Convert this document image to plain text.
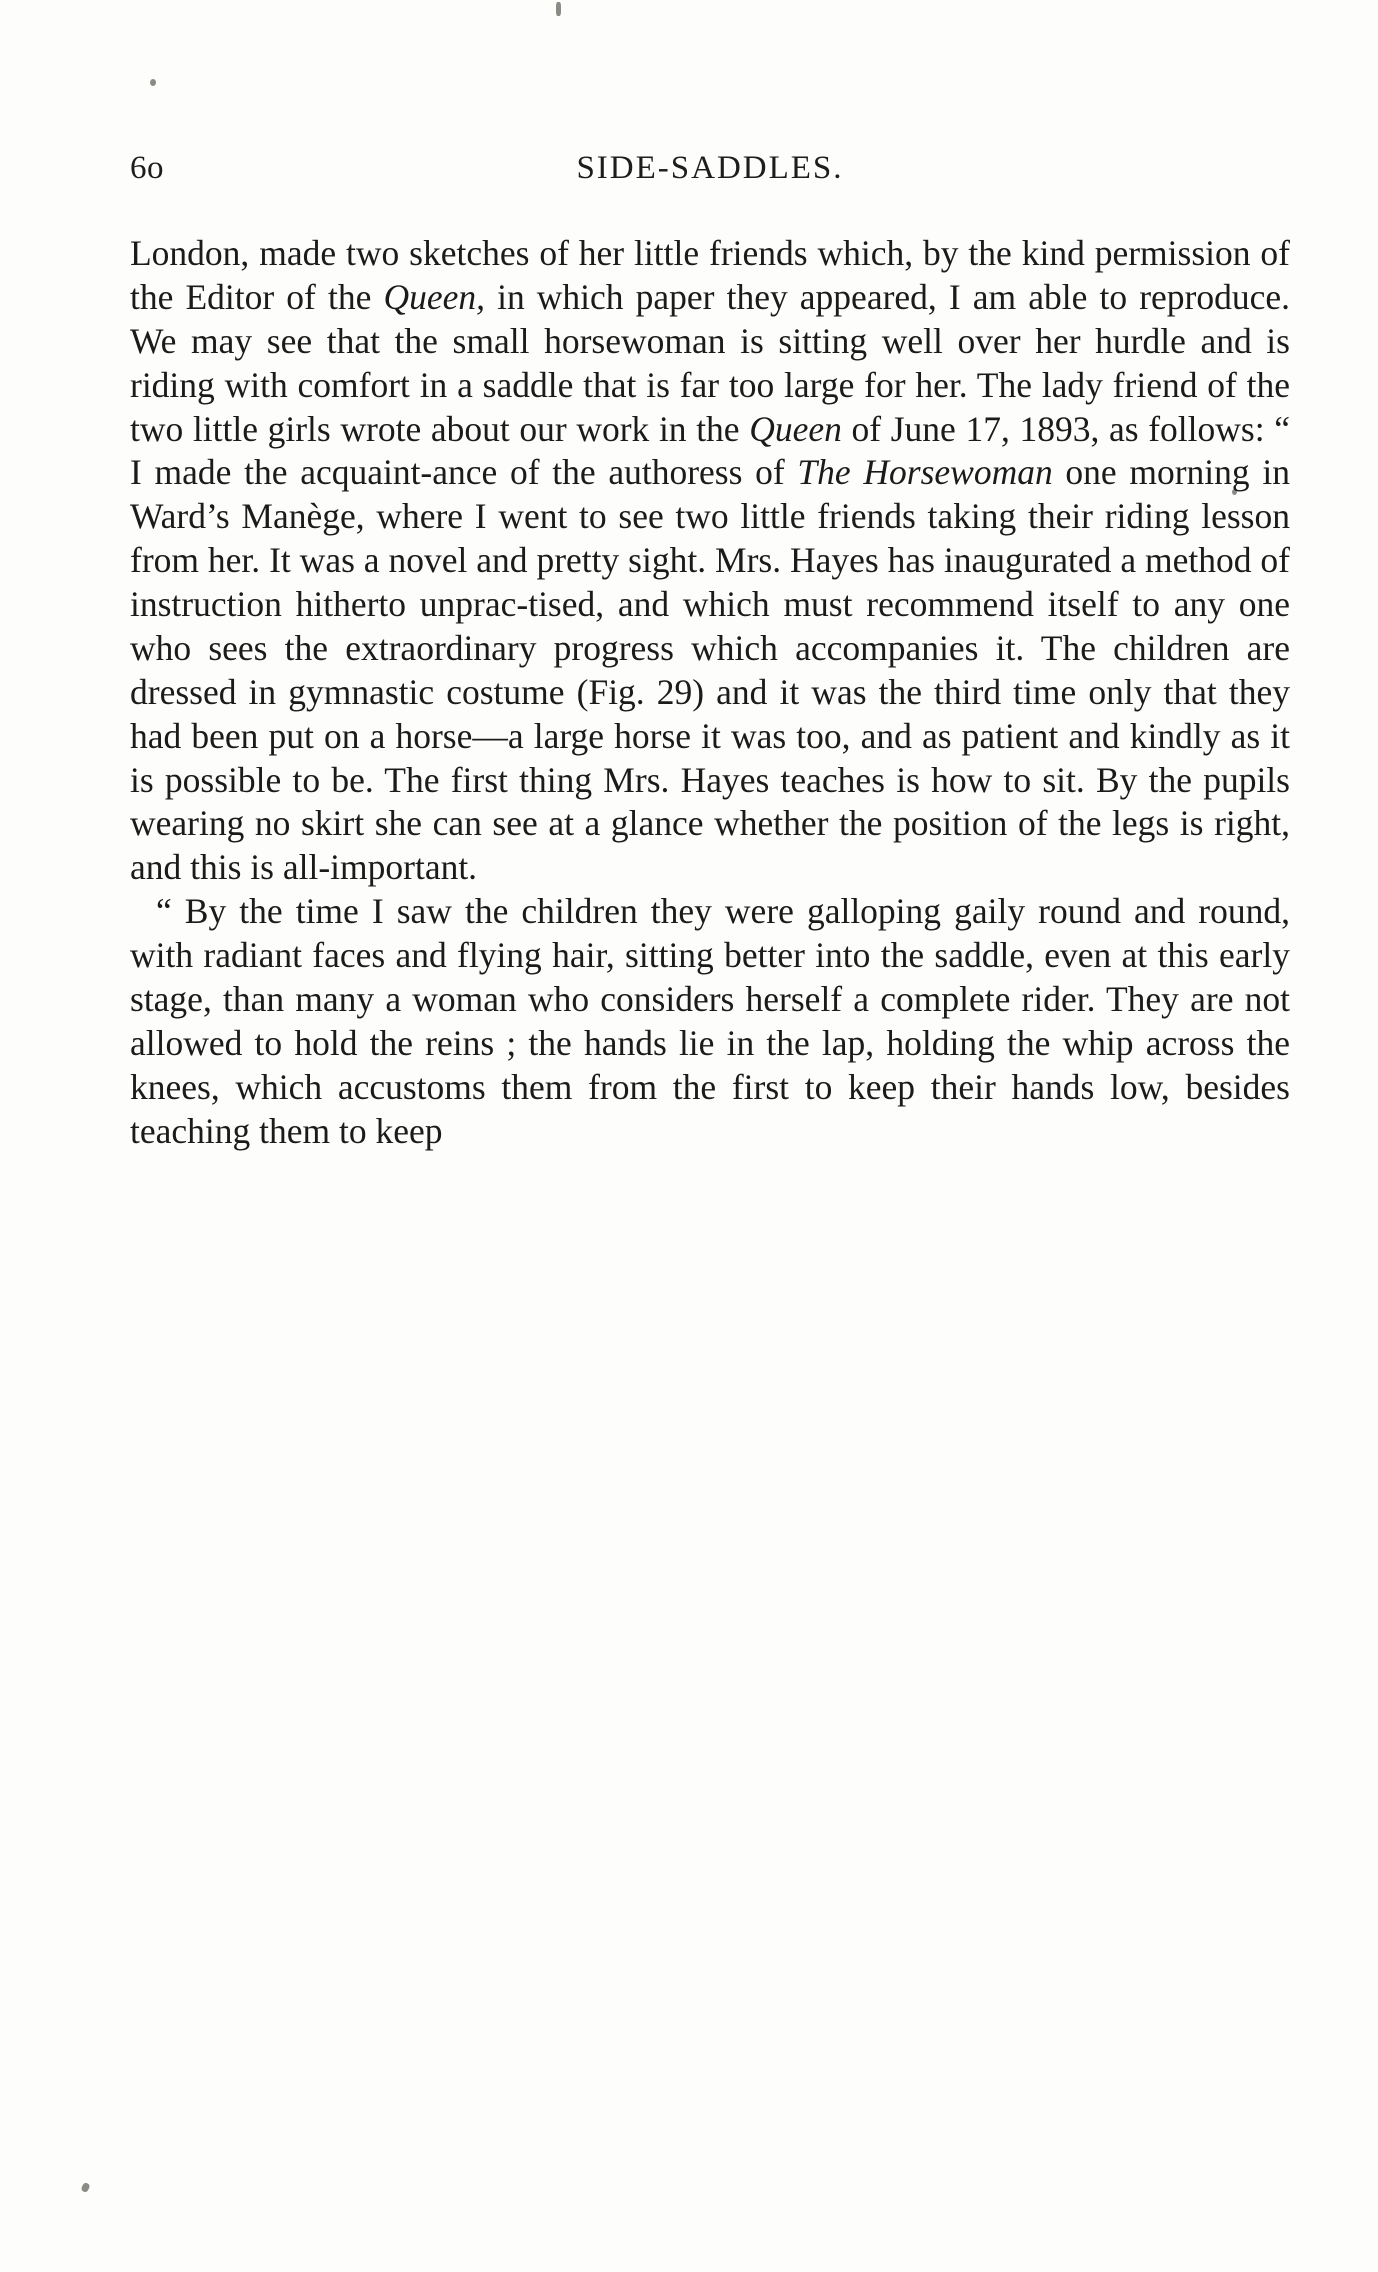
6o	SIDE-SADDLES.

London, made two sketches of her little friends which, by the kind permission of the Editor of the Queen, in which paper they appeared, I am able to reproduce. We may see that the small horsewoman is sitting well over her hurdle and is riding with comfort in a saddle that is far too large for her. The lady friend of the two little girls wrote about our work in the Queen of June 17, 1893, as follows: “ I made the acquaint-ance of the authoress of The Horsewoman one morning in Ward’s Manège, where I went to see two little friends taking their riding lesson from her. It was a novel and pretty sight. Mrs. Hayes has inaugurated a method of instruction hitherto unprac-tised, and which must recommend itself to any one who sees the extraordinary progress which accompanies it. The children are dressed in gymnastic costume (Fig. 29) and it was the third time only that they had been put on a horse—a large horse it was too, and as patient and kindly as it is possible to be. The first thing Mrs. Hayes teaches is how to sit. By the pupils wearing no skirt she can see at a glance whether the position of the legs is right, and this is all-important.

“ By the time I saw the children they were galloping gaily round and round, with radiant faces and flying hair, sitting better into the saddle, even at this early stage, than many a woman who considers herself a complete rider. They are not allowed to hold the reins ; the hands lie in the lap, holding the whip across the knees, which accustoms them from the first to keep their hands low, besides teaching them to keep
